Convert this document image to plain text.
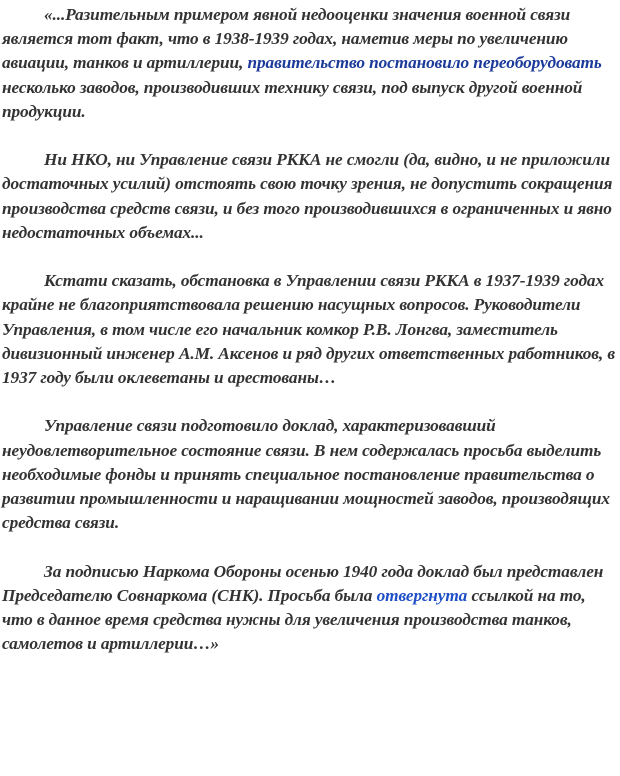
«...Разительным примером явной недооценки значения военной связи является тот факт, что в 1938-1939 годах, наметив меры по увеличению авиации, танков и артиллерии, правительство постановило переоборудовать несколько заводов, производивших технику связи, под выпуск другой военной продукции.

Ни НКО, ни Управление связи РККА не смогли (да, видно, и не приложили достаточных усилий) отстоять свою точку зрения, не допустить сокращения производства средств связи, и без того производившихся в ограниченных и явно недостаточных объемах...

Кстати сказать, обстановка в Управлении связи РККА в 1937-1939 годах крайне не благоприятствовала решению насущных вопросов. Руководители Управления, в том числе его начальник комкор Р.В. Лонгва, заместитель дивизионный инженер А.М. Аксенов и ряд других ответственных работников, в 1937 году были оклеветаны и арестованы…

Управление связи подготовило доклад, характеризовавший неудовлетворительное состояние связи. В нем содержалась просьба выделить необходимые фонды и принять специальное постановление правительства о развитии промышленности и наращивании мощностей заводов, производящих средства связи.

За подписью Наркома Обороны осенью 1940 года доклад был представлен Председателю Совнаркома (СНК). Просьба была отвергнута ссылкой на то, что в данное время средства нужны для увеличения производства танков, самолетов и артиллерии…»
